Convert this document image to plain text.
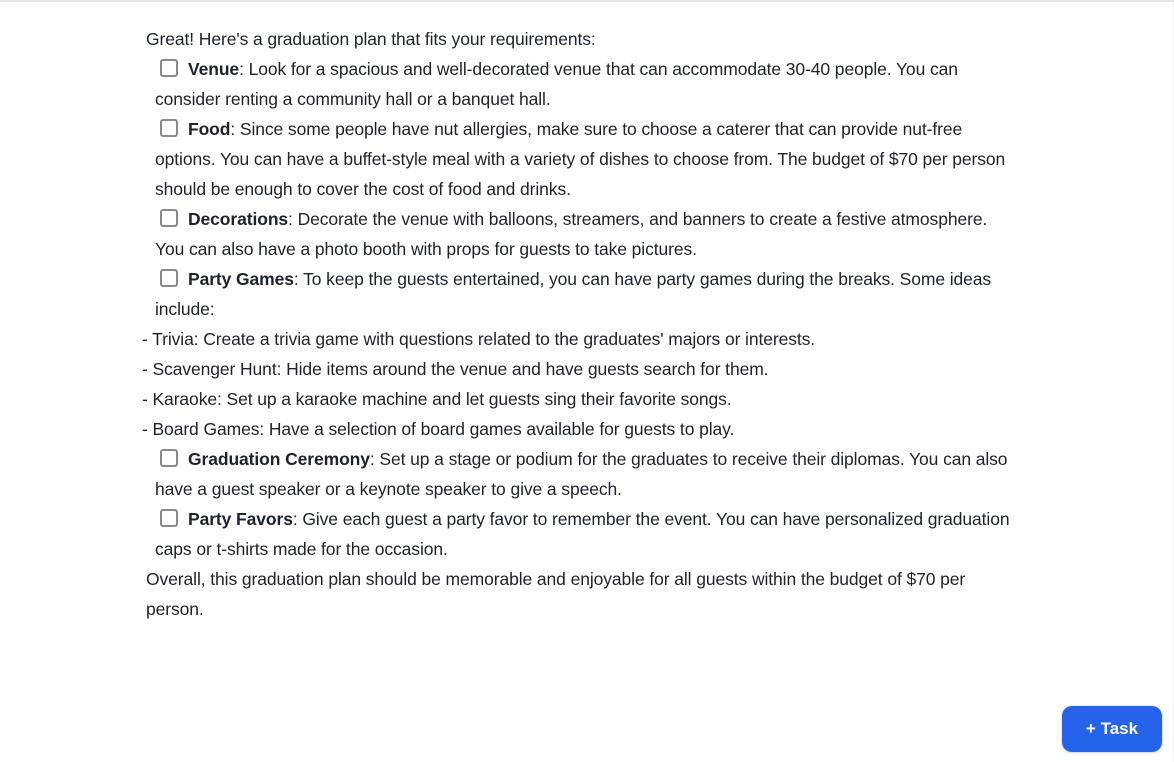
Great! Here's a graduation plan that fits your requirements:

Venue: Look for a spacious and well-decorated venue that can accommodate 30-40 people. You can consider renting a community hall or a banquet hall.
Food: Since some people have nut allergies, make sure to choose a caterer that can provide nut-free options. You can have a buffet-style meal with a variety of dishes to choose from. The budget of $70 per person should be enough to cover the cost of food and drinks.
Decorations: Decorate the venue with balloons, streamers, and banners to create a festive atmosphere. You can also have a photo booth with props for guests to take pictures.
Party Games: To keep the guests entertained, you can have party games during the breaks. Some ideas include:

- Trivia: Create a trivia game with questions related to the graduates' majors or interests.

- Scavenger Hunt: Hide items around the venue and have guests search for them.

- Karaoke: Set up a karaoke machine and let guests sing their favorite songs.

- Board Games: Have a selection of board games available for guests to play.

Graduation Ceremony: Set up a stage or podium for the graduates to receive their diplomas. You can also have a guest speaker or a keynote speaker to give a speech.
Party Favors: Give each guest a party favor to remember the event. You can have personalized graduation caps or t-shirts made for the occasion.

Overall, this graduation plan should be memorable and enjoyable for all guests within the budget of $70 per person.

+ Task
